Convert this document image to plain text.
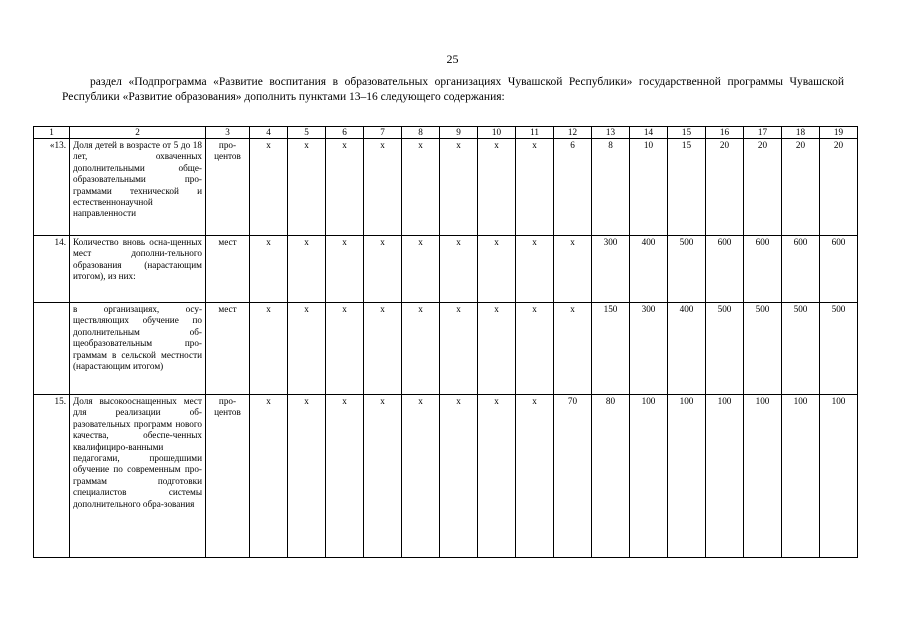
25

раздел «Подпрограмма «Развитие воспитания в образовательных организациях Чувашской Республики» государственной программы Чувашской Республики «Развитие образования» дополнить пунктами 13–16 следующего содержания:

1	2	3	4	5	6	7	8	9	10	11	12	13	14	15	16	17	18	19
«13.	Доля детей в возрасте от 5 до 18 лет, охваченных дополнительными обще-образовательными про-граммами технической и естественнонаучной направленности	про-центов	х	х	х	х	х	х	х	х	6	8	10	15	20	20	20	20
14.	Количество вновь осна-щенных мест дополни-тельного образования (нарастающим итогом), из них:	мест	х	х	х	х	х	х	х	х	х	300	400	500	600	600	600	600
	в организациях, осу-ществляющих обучение по дополнительным об-щеобразовательным про-граммам в сельской местности (нарастающим итогом)	мест	х	х	х	х	х	х	х	х	х	150	300	400	500	500	500	500
15.	Доля высокооснащенных мест для реализации об-разовательных программ нового качества, обеспе-ченных квалифициро-ванными педагогами, прошедшими обучение по современным про-граммам подготовки специалистов системы дополнительного обра-зования	про-центов	х	х	х	х	х	х	х	х	70	80	100	100	100	100	100	100
